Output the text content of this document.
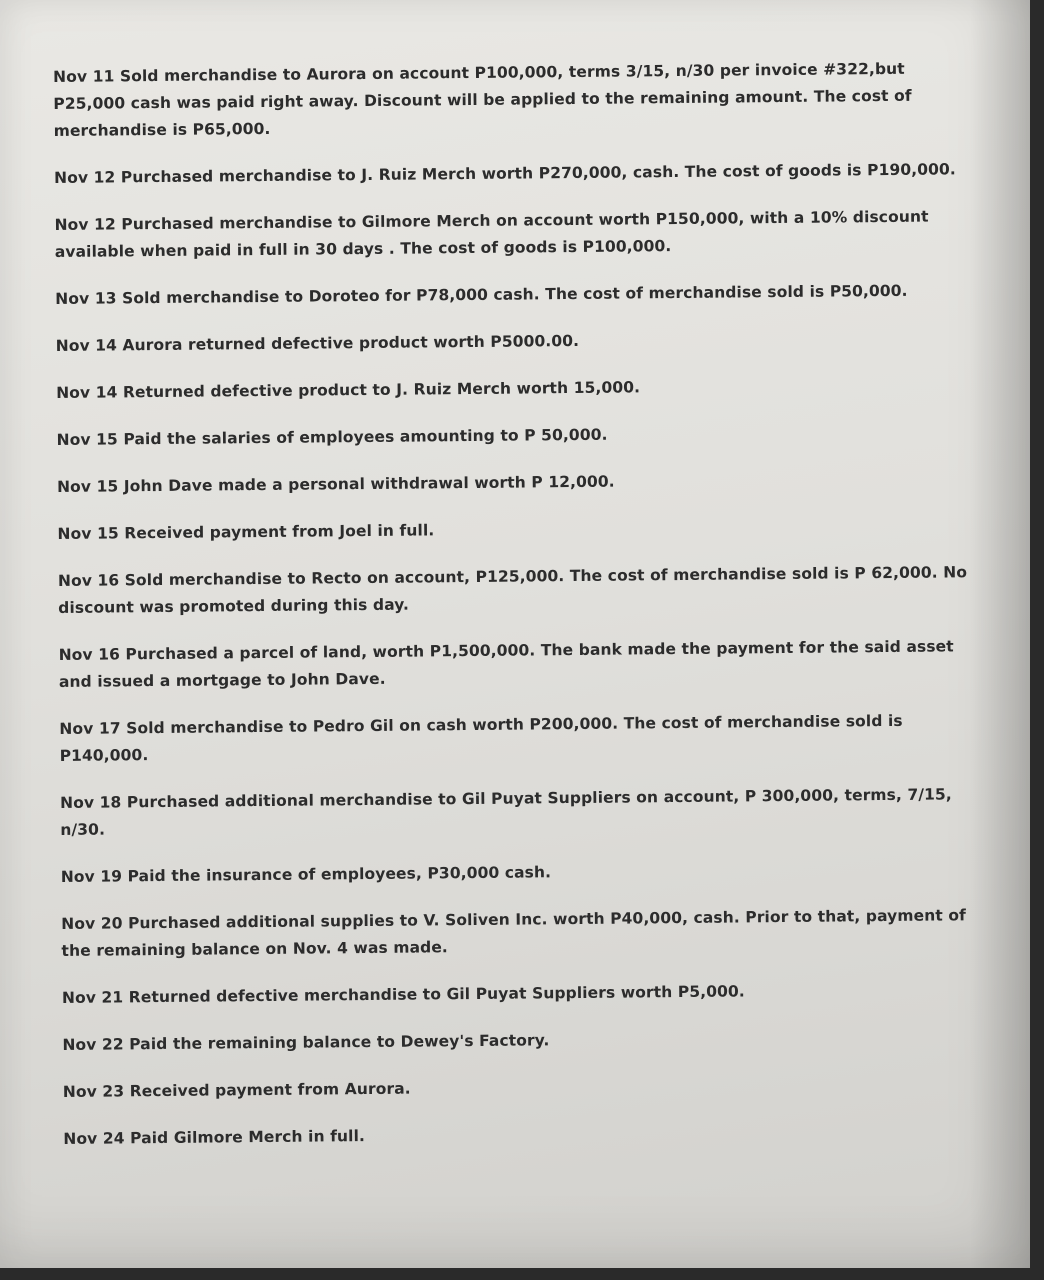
Nov 11 Sold merchandise to Aurora on account P100,000, terms 3/15, n/30 per invoice #322,but
P25,000 cash was paid right away. Discount will be applied to the remaining amount. The cost of
merchandise is P65,000.

Nov 12 Purchased merchandise to J. Ruiz Merch worth P270,000, cash. The cost of goods is P190,000.

Nov 12 Purchased merchandise to Gilmore Merch on account worth P150,000, with a 10% discount
available when paid in full in 30 days . The cost of goods is P100,000.

Nov 13 Sold merchandise to Doroteo for P78,000 cash. The cost of merchandise sold is P50,000.

Nov 14 Aurora returned defective product worth P5000.00.

Nov 14 Returned defective product to J. Ruiz Merch worth 15,000.

Nov 15 Paid the salaries of employees amounting to P 50,000.

Nov 15 John Dave made a personal withdrawal worth P 12,000.

Nov 15 Received payment from Joel in full.

Nov 16 Sold merchandise to Recto on account, P125,000. The cost of merchandise sold is P 62,000. No
discount was promoted during this day.

Nov 16 Purchased a parcel of land, worth P1,500,000. The bank made the payment for the said asset
and issued a mortgage to John Dave.

Nov 17 Sold merchandise to Pedro Gil on cash worth P200,000. The cost of merchandise sold is
P140,000.

Nov 18 Purchased additional merchandise to Gil Puyat Suppliers on account, P 300,000, terms, 7/15,
n/30.

Nov 19 Paid the insurance of employees, P30,000 cash.

Nov 20 Purchased additional supplies to V. Soliven Inc. worth P40,000, cash. Prior to that, payment of
the remaining balance on Nov. 4 was made.

Nov 21 Returned defective merchandise to Gil Puyat Suppliers worth P5,000.

Nov 22 Paid the remaining balance to Dewey's Factory.

Nov 23 Received payment from Aurora.

Nov 24 Paid Gilmore Merch in full.
